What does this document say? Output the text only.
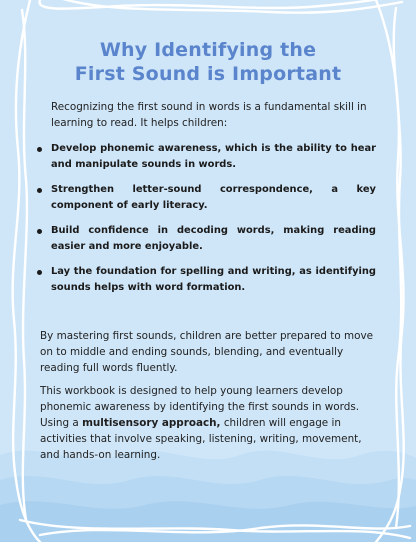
Why Identifying the
First Sound is Important
Recognizing the first sound in words is a fundamental skill in learning to read. It helps children:
Develop phonemic awareness, which is the ability to hear and manipulate sounds in words.
Strengthen letter-sound correspondence, a key component of early literacy.
Build confidence in decoding words, making reading easier and more enjoyable.
Lay the foundation for spelling and writing, as identifying sounds helps with word formation.
By mastering first sounds, children are better prepared to move on to middle and ending sounds, blending, and eventually reading full words fluently.
This workbook is designed to help young learners develop phonemic awareness by identifying the first sounds in words. Using a multisensory approach, children will engage in activities that involve speaking, listening, writing, movement, and hands-on learning.
